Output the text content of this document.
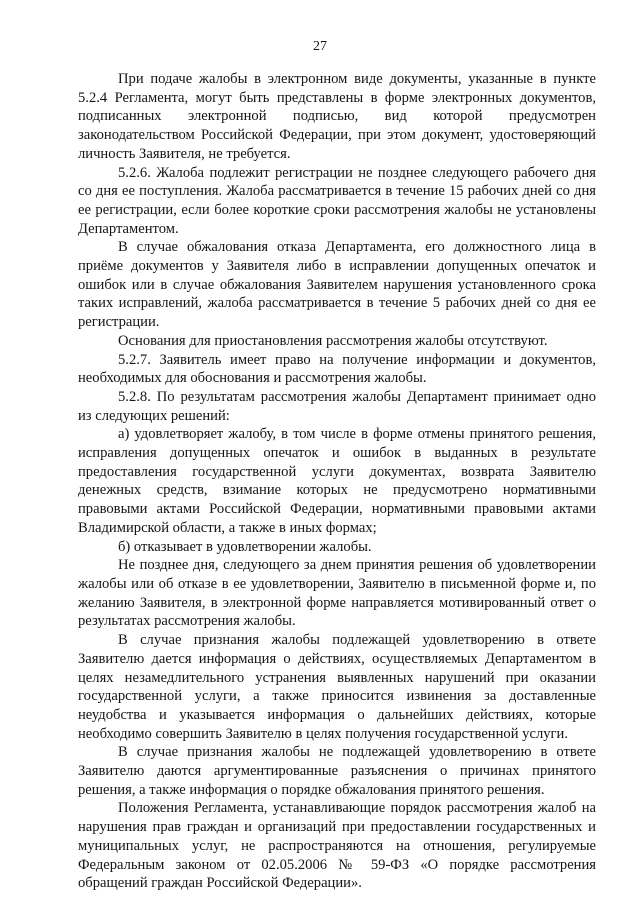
27

При подаче жалобы в электронном виде документы, указанные в пункте 5.2.4 Регламента, могут быть представлены в форме электронных документов, подписанных электронной подписью, вид которой предусмотрен законодательством Российской Федерации, при этом документ, удостоверяющий личность Заявителя, не требуется.

5.2.6. Жалоба подлежит регистрации не позднее следующего рабочего дня со дня ее поступления. Жалоба рассматривается в течение 15 рабочих дней со дня ее регистрации, если более короткие сроки рассмотрения жалобы не установлены Департаментом.

В случае обжалования отказа Департамента, его должностного лица в приёме документов у Заявителя либо в исправлении допущенных опечаток и ошибок или в случае обжалования Заявителем нарушения установленного срока таких исправлений, жалоба рассматривается в течение 5 рабочих дней со дня ее регистрации.

Основания для приостановления рассмотрения жалобы отсутствуют.

5.2.7. Заявитель имеет право на получение информации и документов, необходимых для обоснования и рассмотрения жалобы.

5.2.8. По результатам рассмотрения жалобы Департамент принимает одно из следующих решений:

а) удовлетворяет жалобу, в том числе в форме отмены принятого решения, исправления допущенных опечаток и ошибок в выданных в результате предоставления государственной услуги документах, возврата Заявителю денежных средств, взимание которых не предусмотрено нормативными правовыми актами Российской Федерации, нормативными правовыми актами Владимирской области, а также в иных формах;

б) отказывает в удовлетворении жалобы.

Не позднее дня, следующего за днем принятия решения об удовлетворении жалобы или об отказе в ее удовлетворении, Заявителю в письменной форме и, по желанию Заявителя, в электронной форме направляется мотивированный ответ о результатах рассмотрения жалобы.

В случае признания жалобы подлежащей удовлетворению в ответе Заявителю дается информация о действиях, осуществляемых Департаментом в целях незамедлительного устранения выявленных нарушений при оказании государственной услуги, а также приносится извинения за доставленные неудобства и указывается информация о дальнейших действиях, которые необходимо совершить Заявителю в целях получения государственной услуги.

В случае признания жалобы не подлежащей удовлетворению в ответе Заявителю даются аргументированные разъяснения о причинах принятого решения, а также информация о порядке обжалования принятого решения.

Положения Регламента, устанавливающие порядок рассмотрения жалоб на нарушения прав граждан и организаций при предоставлении государственных и муниципальных услуг, не распространяются на отношения, регулируемые Федеральным законом от 02.05.2006 № 59-ФЗ «О порядке рассмотрения обращений граждан Российской Федерации».
